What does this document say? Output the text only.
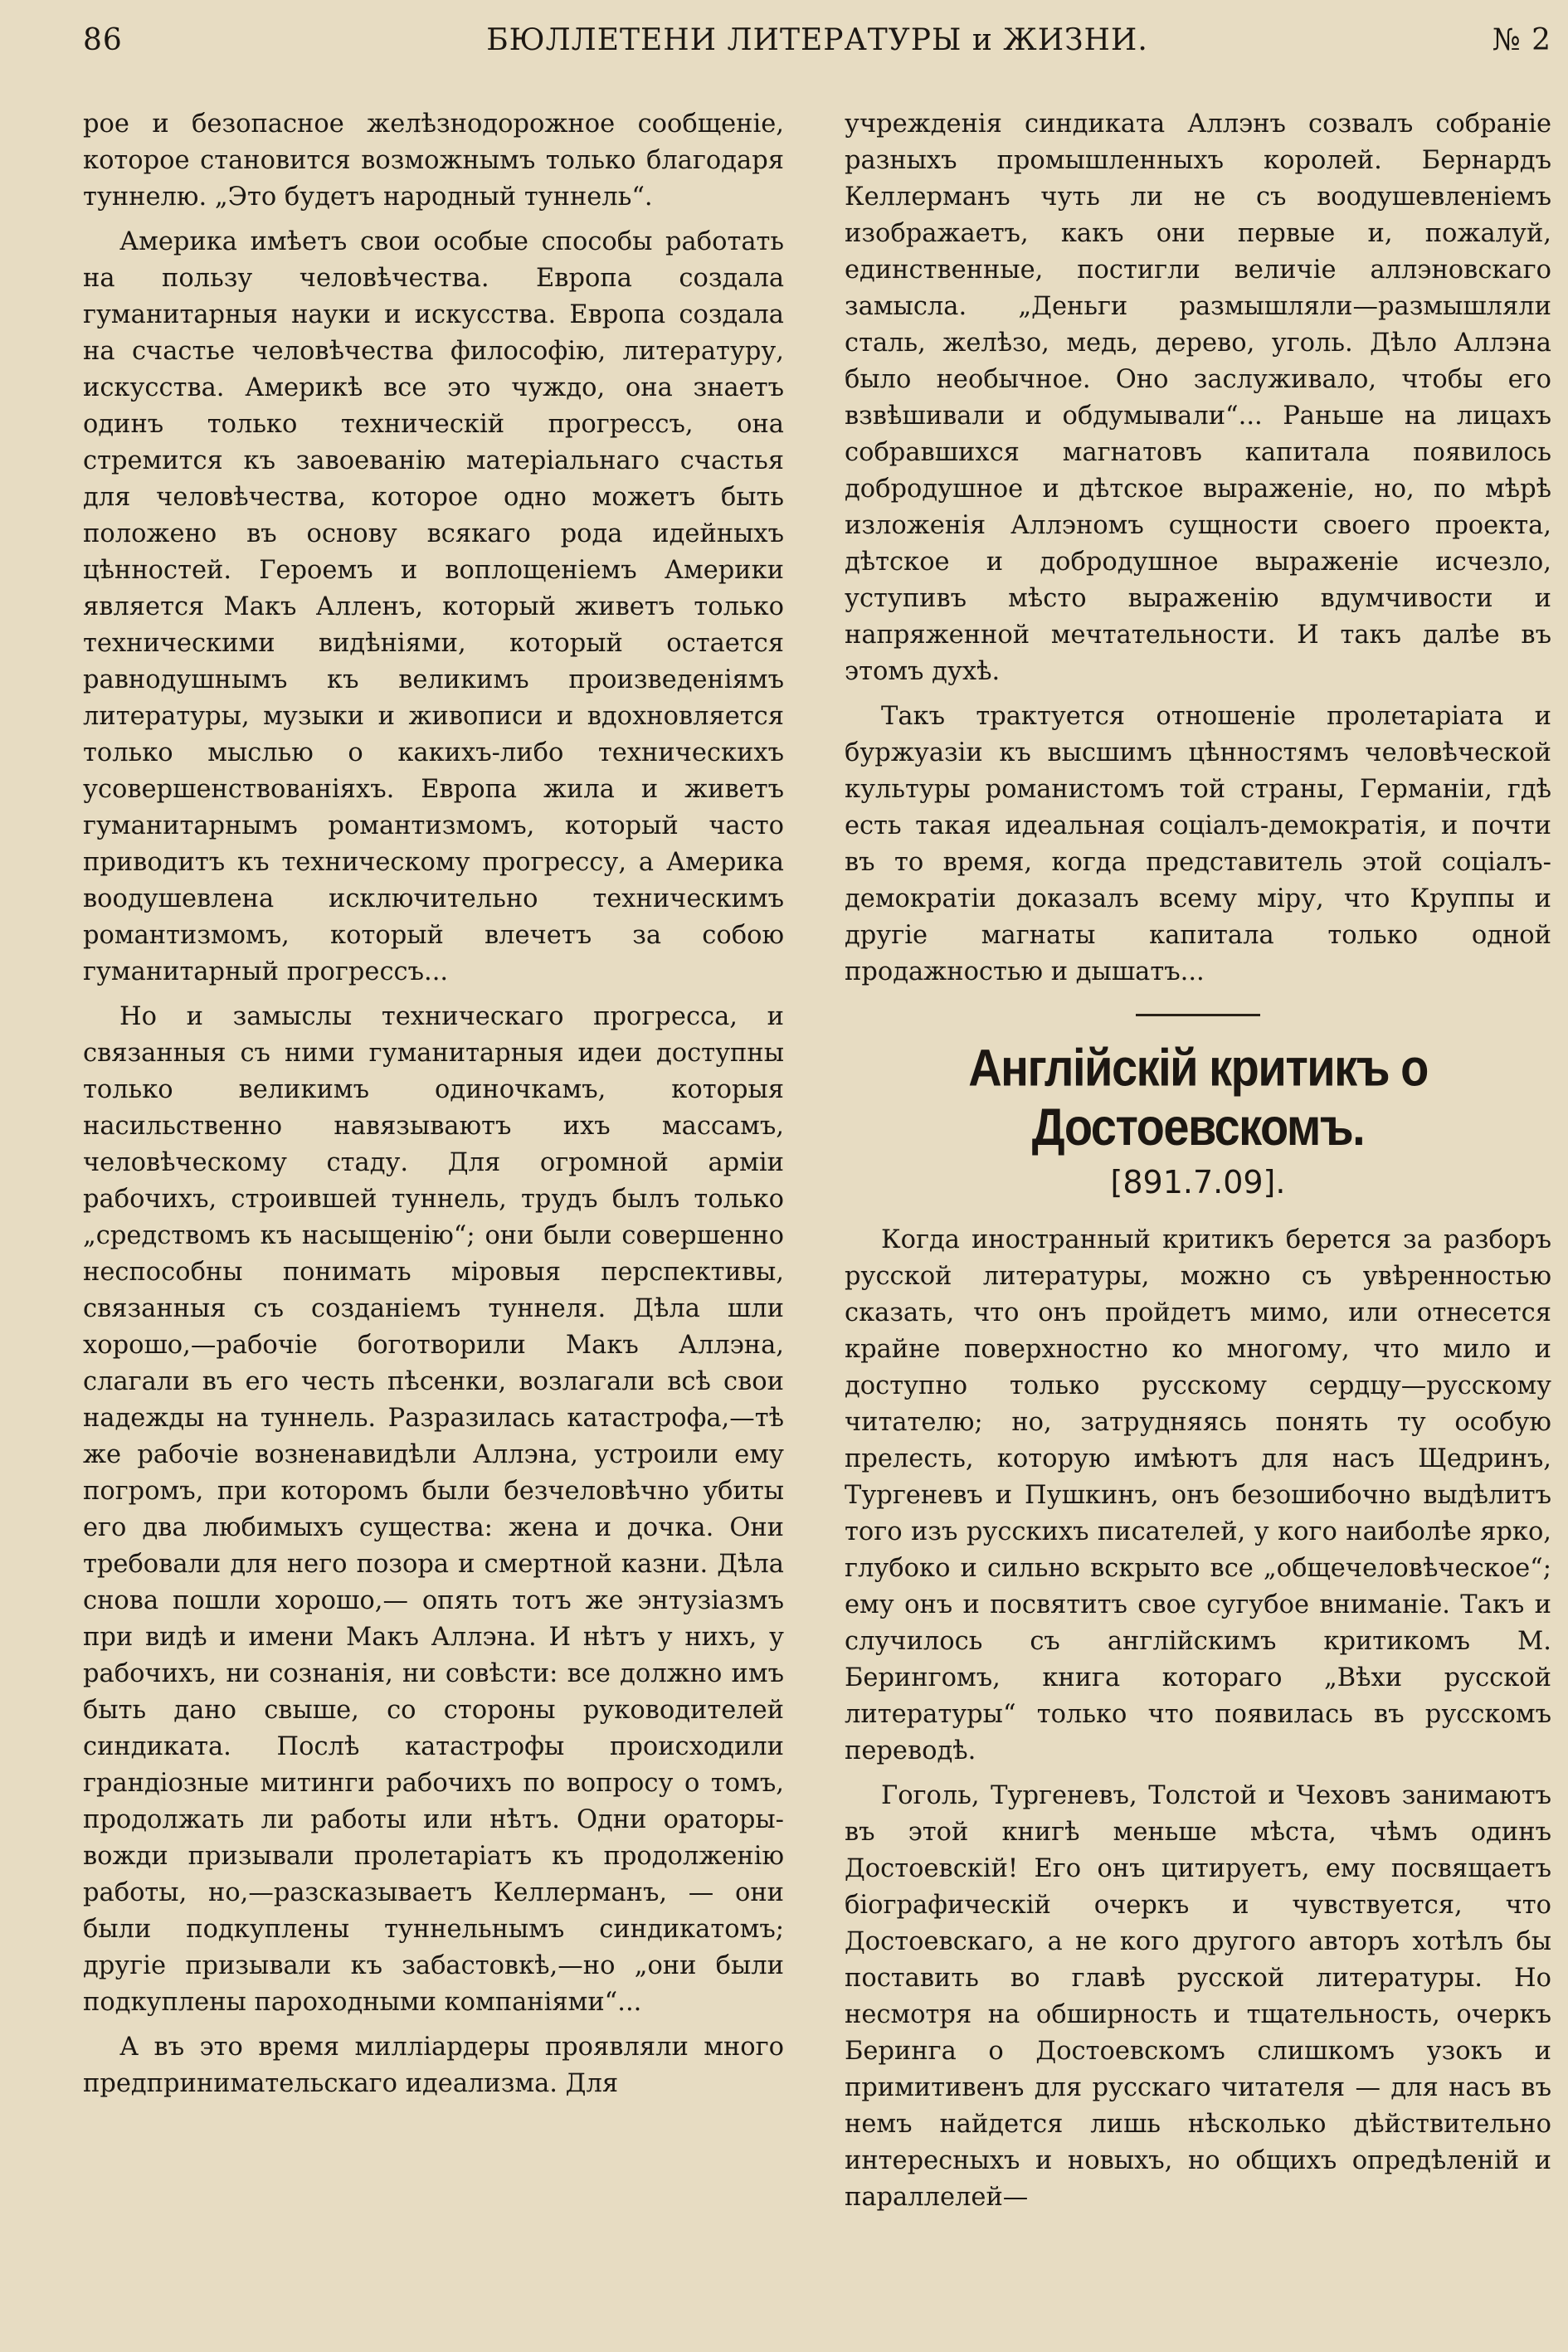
86	БЮЛЛЕТЕНИ ЛИТЕРАТУРЫ и ЖИЗНИ.	№ 2

рое и безопасное желѣзнодорожное сообщеніе, которое становится возможнымъ только благодаря туннелю. „Это будетъ народный туннель“.

Америка имѣетъ свои особые способы работать на пользу человѣчества. Европа создала гуманитарныя науки и искусства. Европа создала на счастье человѣчества философію, литературу, искусства. Америкѣ все это чуждо, она знаетъ одинъ только техническій прогрессъ, она стремится къ завоеванію матеріальнаго счастья для человѣчества, которое одно можетъ быть положено въ основу всякаго рода идейныхъ цѣнностей. Героемъ и воплощеніемъ Америки является Макъ Алленъ, который живетъ только техническими видѣніями, который остается равнодушнымъ къ великимъ произведеніямъ литературы, музыки и живописи и вдохновляется только мыслью о какихъ-либо техническихъ усовершенствованіяхъ. Европа жила и живетъ гуманитарнымъ романтизмомъ, который часто приводитъ къ техническому прогрессу, а Америка воодушевлена исключительно техническимъ романтизмомъ, который влечетъ за собою гуманитарный прогрессъ...

Но и замыслы техническаго прогресса, и связанныя съ ними гуманитарныя идеи доступны только великимъ одиночкамъ, которыя насильственно навязываютъ ихъ массамъ, человѣческому стаду. Для огромной арміи рабочихъ, строившей туннель, трудъ былъ только „средствомъ къ насыщенію“; они были совершенно неспособны понимать міровыя перспективы, связанныя съ созданіемъ туннеля. Дѣла шли хорошо,—рабочіе боготворили Макъ Аллэна, слагали въ его честь пѣсенки, возлагали всѣ свои надежды на туннель. Разразилась катастрофа,—тѣ же рабочіе возненавидѣли Аллэна, устроили ему погромъ, при которомъ были безчеловѣчно убиты его два любимыхъ существа: жена и дочка. Они требовали для него позора и смертной казни. Дѣла снова пошли хорошо,— опять тотъ же энтузіазмъ при видѣ и имени Макъ Аллэна. И нѣтъ у нихъ, у рабочихъ, ни сознанія, ни совѣсти: все должно имъ быть дано свыше, со стороны руководителей синдиката. Послѣ катастрофы происходили грандіозные митинги рабочихъ по вопросу о томъ, продолжать ли работы или нѣтъ. Одни ораторы-вожди призывали пролетаріатъ къ продолженію работы, но,—разсказываетъ Келлерманъ, — они были подкуплены туннельнымъ синдикатомъ; другіе призывали къ забастовкѣ,—но „они были подкуплены пароходными компаніями“...

А въ это время милліардеры проявляли много предпринимательскаго идеализма. Для

учрежденія синдиката Аллэнъ созвалъ собраніе разныхъ промышленныхъ королей. Бернардъ Келлерманъ чуть ли не съ воодушевленіемъ изображаетъ, какъ они первые и, пожалуй, единственные, постигли величіе аллэновскаго замысла. „Деньги размышляли—размышляли сталь, желѣзо, медь, дерево, уголь. Дѣло Аллэна было необычное. Оно заслуживало, чтобы его взвѣшивали и обдумывали“... Раньше на лицахъ собравшихся магнатовъ капитала появилось добродушное и дѣтское выраженіе, но, по мѣрѣ изложенія Аллэномъ сущности своего проекта, дѣтское и добродушное выраженіе исчезло, уступивъ мѣсто выраженію вдумчивости и напряженной мечтательности. И такъ далѣе въ этомъ духѣ.

Такъ трактуется отношеніе пролетаріата и буржуазіи къ высшимъ цѣнностямъ человѣческой культуры романистомъ той страны, Германіи, гдѣ есть такая идеальная соціалъ-демократія, и почти въ то время, когда представитель этой соціалъ-демократіи доказалъ всему міру, что Круппы и другіе магнаты капитала только одной продажностью и дышатъ...

Англійскій критикъ о Достоевскомъ.
[891.7.09].

Когда иностранный критикъ берется за разборъ русской литературы, можно съ увѣренностью сказать, что онъ пройдетъ мимо, или отнесется крайне поверхностно ко многому, что мило и доступно только русскому сердцу—русскому читателю; но, затрудняясь понять ту особую прелесть, которую имѣютъ для насъ Щедринъ, Тургеневъ и Пушкинъ, онъ безошибочно выдѣлитъ того изъ русскихъ писателей, у кого наиболѣе ярко, глубоко и сильно вскрыто все „общечеловѣческое“; ему онъ и посвятитъ свое сугубое вниманіе. Такъ и случилось съ англійскимъ критикомъ М. Берингомъ, книга котораго „Вѣхи русской литературы“ только что появилась въ русскомъ переводѣ.

Гоголь, Тургеневъ, Толстой и Чеховъ занимаютъ въ этой книгѣ меньше мѣста, чѣмъ одинъ Достоевскій! Его онъ цитируетъ, ему посвящаетъ біографическій очеркъ и чувствуется, что Достоевскаго, а не кого другого авторъ хотѣлъ бы поставить во главѣ русской литературы. Но несмотря на обширность и тщательность, очеркъ Беринга о Достоевскомъ слишкомъ узокъ и примитивенъ для русскаго читателя — для насъ въ немъ найдется лишь нѣсколько дѣйствительно интересныхъ и новыхъ, но общихъ опредѣленій и параллелей—
